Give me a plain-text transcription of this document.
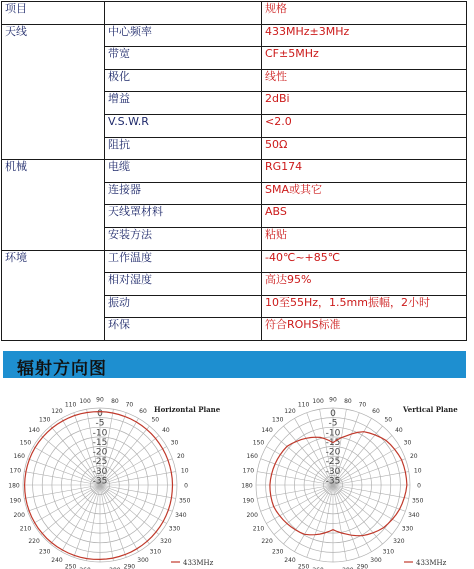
项目		规格
天线	中心频率	433MHz±3MHz
	带宽	CF±5MHz
	极化	线性
	增益	2dBi
	V.S.W.R	<2.0
	阻抗	50Ω
机械	电缆	RG174
	连接器	SMA或其它
	天线罩材料	ABS
	安装方法	粘贴
环境	工作温度	-40℃~+85℃
	相对湿度	高达95%
	振动	10至55Hz，1.5mm振幅，2小时
	环保	符合ROHS标准
辐射方向图
90
100
110
120
130
140
150
160
170
180
190
200
210
220
230
240
250	290
300
310
320
330
340
350
0
10
20
30
40
50
60
70
80
0
-5
-10
-15
-20
-25
-30
-35
Horizontal Plane
433MHz
90
100
110
120
130
140
150
160
170
180
190
200
210
220
230
240
250	290
300
310
320
330
340
350
0
10
20
30
40
50
60
70
80
0
-5
-10
-15
-20
-25
-30
-35
Vertical Plane
433MHz
